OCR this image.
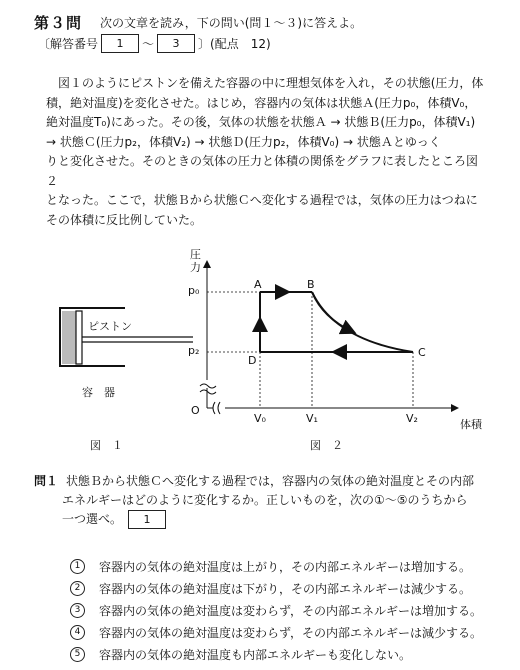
第３問 次の文章を読み，下の問い(問１～３)に答えよ。
〔解答番号	1	～	3	〕(配点　12)
図１のようにピストンを備えた容器の中に理想気体を入れ，その状態(圧力，体
積，絶対温度)を変化させた。はじめ，容器内の気体は状態Ａ(圧力p₀，体積V₀，
絶対温度T₀)にあった。その後，気体の状態を状態Ａ → 状態Ｂ(圧力p₀，体積V₁)
→ 状態Ｃ(圧力p₂，体積V₂) → 状態Ｄ(圧力p₂，体積V₀) → 状態Ａとゆっく
りと変化させた。そのときの気体の圧力と体積の関係をグラフに表したところ図２
となった。ここで，状態Ｂから状態Ｃへ変化する過程では，気体の圧力はつねに
その体積に反比例していた。
ピストン
容　器
図　１
圧
力
p₀
p₂
A	B
C
D
O
V₀	V₁	V₂	体積
図　２
問１ 状態Ｂから状態Ｃへ変化する過程では，容器内の気体の絶対温度とその内部
エネルギーはどのように変化するか。正しいものを，次の①～⑤のうちから
一つ選べ。 1
1	容器内の気体の絶対温度は上がり，その内部エネルギーは増加する。
2	容器内の気体の絶対温度は下がり，その内部エネルギーは減少する。
3	容器内の気体の絶対温度は変わらず，その内部エネルギーは増加する。
4	容器内の気体の絶対温度は変わらず，その内部エネルギーは減少する。
5	容器内の気体の絶対温度も内部エネルギーも変化しない。
